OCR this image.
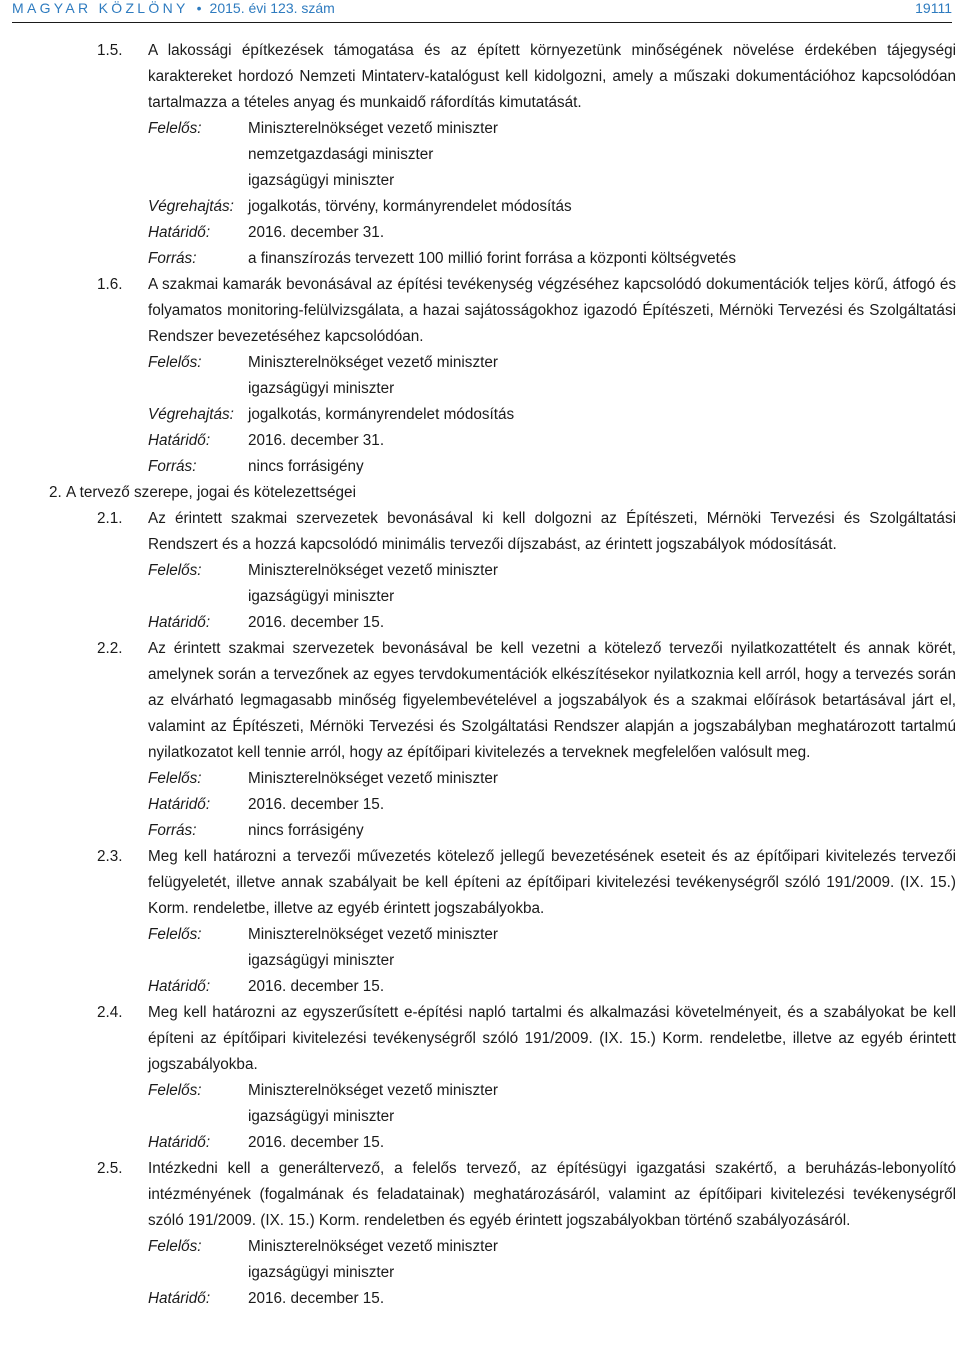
MAGYAR KÖZLÖNY • 2015. évi 123. szám	19111
1.5. A lakossági építkezések támogatása és az épített környezetünk minőségének növelése érdekében tájegységi karaktereket hordozó Nemzeti Mintaterv-katalógust kell kidolgozni, amely a műszaki dokumentációhoz kapcsolódóan tartalmazza a tételes anyag és munkaidő ráfordítás kimutatását.
Felelős:	Miniszterelnökséget vezető miniszter
nemzetgazdasági miniszter
igazságügyi miniszter
Végrehajtás: jogalkotás, törvény, kormányrendelet módosítás
Határidő:	2016. december 31.
Forrás:	a finanszírozás tervezett 100 millió forint forrása a központi költségvetés
1.6. A szakmai kamarák bevonásával az építési tevékenység végzéséhez kapcsolódó dokumentációk teljes körű, átfogó és folyamatos monitoring-felülvizsgálata, a hazai sajátosságokhoz igazodó Építészeti, Mérnöki Tervezési és Szolgáltatási Rendszer bevezetéséhez kapcsolódóan.
Felelős:	Miniszterelnökséget vezető miniszter
igazságügyi miniszter
Végrehajtás: jogalkotás, kormányrendelet módosítás
Határidő:	2016. december 31.
Forrás:	nincs forrásigény
2. A tervező szerepe, jogai és kötelezettségei
2.1. Az érintett szakmai szervezetek bevonásával ki kell dolgozni az Építészeti, Mérnöki Tervezési és Szolgáltatási Rendszert és a hozzá kapcsolódó minimális tervezői díjszabást, az érintett jogszabályok módosítását.
Felelős:	Miniszterelnökséget vezető miniszter
igazságügyi miniszter
Határidő:	2016. december 15.
2.2. Az érintett szakmai szervezetek bevonásával be kell vezetni a kötelező tervezői nyilatkozattételt és annak körét, amelynek során a tervezőnek az egyes tervdokumentációk elkészítésekor nyilatkoznia kell arról, hogy a tervezés során az elvárható legmagasabb minőség figyelembevételével a jogszabályok és a szakmai előírások betartásával járt el, valamint az Építészeti, Mérnöki Tervezési és Szolgáltatási Rendszer alapján a jogszabályban meghatározott tartalmú nyilatkozatot kell tennie arról, hogy az építőipari kivitelezés a terveknek megfelelően valósult meg.
Felelős:	Miniszterelnökséget vezető miniszter
Határidő:	2016. december 15.
Forrás:	nincs forrásigény
2.3. Meg kell határozni a tervezői művezetés kötelező jellegű bevezetésének eseteit és az építőipari kivitelezés tervezői felügyeletét, illetve annak szabályait be kell építeni az építőipari kivitelezési tevékenységről szóló 191/2009. (IX. 15.) Korm. rendeletbe, illetve az egyéb érintett jogszabályokba.
Felelős:	Miniszterelnökséget vezető miniszter
igazságügyi miniszter
Határidő:	2016. december 15.
2.4. Meg kell határozni az egyszerűsített e-építési napló tartalmi és alkalmazási követelményeit, és a szabályokat be kell építeni az építőipari kivitelezési tevékenységről szóló 191/2009. (IX. 15.) Korm. rendeletbe, illetve az egyéb érintett jogszabályokba.
Felelős:	Miniszterelnökséget vezető miniszter
igazságügyi miniszter
Határidő:	2016. december 15.
2.5. Intézkedni kell a generáltervező, a felelős tervező, az építésügyi igazgatási szakértő, a beruházás-lebonyolító intézményének (fogalmának és feladatainak) meghatározásáról, valamint az építőipari kivitelezési tevékenységről szóló 191/2009. (IX. 15.) Korm. rendeletben és egyéb érintett jogszabályokban történő szabályozásáról.
Felelős:	Miniszterelnökséget vezető miniszter
igazságügyi miniszter
Határidő:	2016. december 15.
